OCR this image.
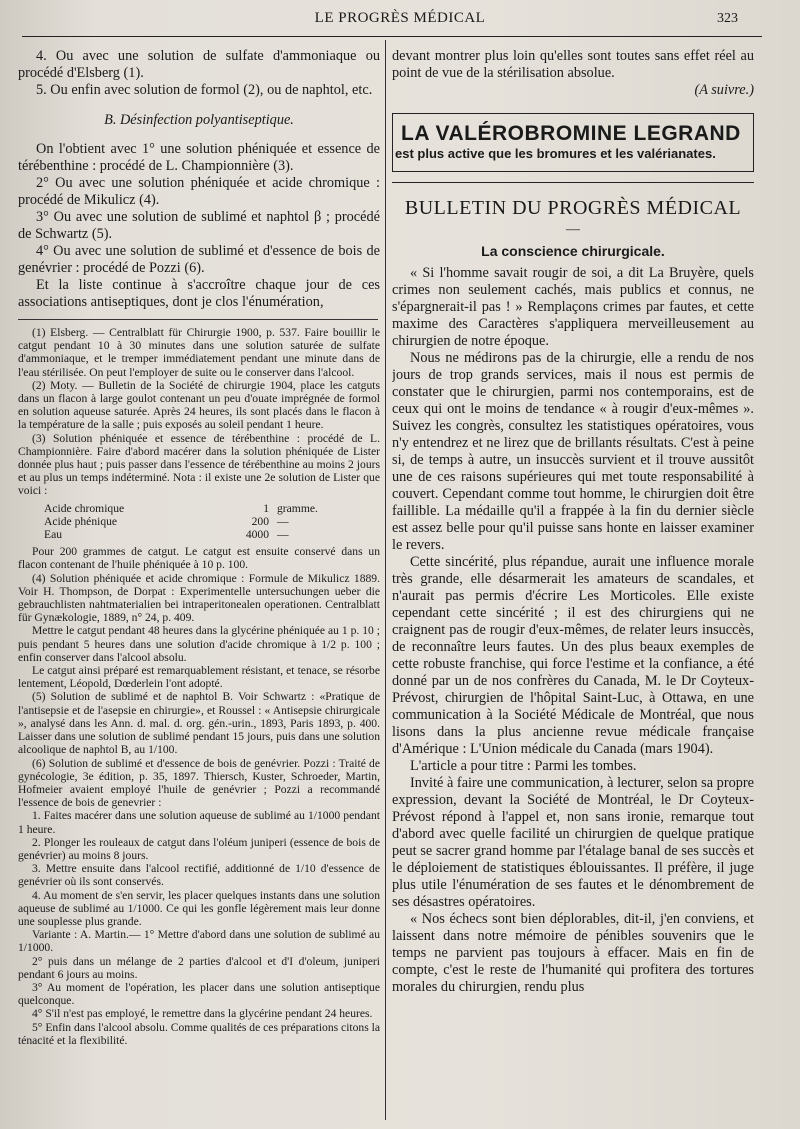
LE PROGRÈS MÉDICAL	323

4. Ou avec une solution de sulfate d'ammoniaque ou procédé d'Elsberg (1).

5. Ou enfin avec solution de formol (2), ou de naphtol, etc.

B. Désinfection polyantiseptique.

On l'obtient avec 1° une solution phéniquée et essence de térébenthine : procédé de L. Championnière (3).

2° Ou avec une solution phéniquée et acide chromique : procédé de Mikulicz (4).

3° Ou avec une solution de sublimé et naphtol β ; procédé de Schwartz (5).

4° Ou avec une solution de sublimé et d'essence de bois de genévrier : procédé de Pozzi (6).

Et la liste continue à s'accroître chaque jour de ces associations antiseptiques, dont je clos l'énumération,

(1) Elsberg. — Centralblatt für Chirurgie 1900, p. 537. Faire bouillir le catgut pendant 10 à 30 minutes dans une solution saturée de sulfate d'ammoniaque, et le tremper immédiatement pendant une minute dans de l'eau stérilisée. On peut l'employer de suite ou le conserver dans l'alcool.

(2) Moty. — Bulletin de la Société de chirurgie 1904, place les catguts dans un flacon à large goulot contenant un peu d'ouate imprégnée de formol en solution aqueuse saturée. Après 24 heures, ils sont placés dans le flacon à la température de la salle ; puis exposés au soleil pendant 1 heure.

(3) Solution phéniquée et essence de térébenthine : procédé de L. Championnière. Faire d'abord macérer dans la solution phéniquée de Lister donnée plus haut ; puis passer dans l'essence de térébenthine au moins 2 jours et au plus un temps indéterminé. Nota : il existe une 2e solution de Lister que voici :

Acide chromique	1 gramme.
Acide phénique	200 —
Eau	4000 —

Pour 200 grammes de catgut. Le catgut est ensuite conservé dans un flacon contenant de l'huile phéniquée à 10 p. 100.

(4) Solution phéniquée et acide chromique : Formule de Mikulicz 1889. Voir H. Thompson, de Dorpat : Experimentelle untersuchungen ueber die gebrauchlisten nahtmaterialien bei intraperitonealen operationen. Centralblatt für Gynækologie, 1889, n° 24, p. 409.

Mettre le catgut pendant 48 heures dans la glycérine phéniquée au 1 p. 10 ; puis pendant 5 heures dans une solution d'acide chromique à 1/2 p. 100 ; enfin conserver dans l'alcool absolu.

Le catgut ainsi préparé est remarquablement résistant, et tenace, se résorbe lentement, Léopold, Dœderlein l'ont adopté.

(5) Solution de sublimé et de naphtol B. Voir Schwartz : «Pratique de l'antisepsie et de l'asepsie en chirurgie», et Roussel : « Antisepsie chirurgicale », analysé dans les Ann. d. mal. d. org. gén.-urin., 1893, Paris 1893, p. 400. Laisser dans une solution de sublimé pendant 15 jours, puis dans une solution alcoolique de naphtol B, au 1/100.

(6) Solution de sublimé et d'essence de bois de genévrier. Pozzi : Traité de gynécologie, 3e édition, p. 35, 1897. Thiersch, Kuster, Schroeder, Martin, Hofmeier avaient employé l'huile de genévrier ; Pozzi a recommandé l'essence de bois de genevrier :

1. Faites macérer dans une solution aqueuse de sublimé au 1/1000 pendant 1 heure.

2. Plonger les rouleaux de catgut dans l'oléum juniperi (essence de bois de genévrier) au moins 8 jours.

3. Mettre ensuite dans l'alcool rectifié, additionné de 1/10 d'essence de genévrier où ils sont conservés.

4. Au moment de s'en servir, les placer quelques instants dans une solution aqueuse de sublimé au 1/1000. Ce qui les gonfle légèrement mais leur donne une souplesse plus grande.

Variante : A. Martin.— 1° Mettre d'abord dans une solution de sublimé au 1/1000.

2° puis dans un mélange de 2 parties d'alcool et d'I d'oleum, juniperi pendant 6 jours au moins.

3° Au moment de l'opération, les placer dans une solution antiseptique quelconque.

4° S'il n'est pas employé, le remettre dans la glycérine pendant 24 heures.

5° Enfin dans l'alcool absolu. Comme qualités de ces préparations citons la ténacité et la flexibilité.

devant montrer plus loin qu'elles sont toutes sans effet réel au point de vue de la stérilisation absolue.

(A suivre.)

LA VALÉROBROMINE LEGRAND
est plus active que les bromures et les valérianates.
BULLETIN DU PROGRÈS MÉDICAL
—
La conscience chirurgicale.

« Si l'homme savait rougir de soi, a dit La Bruyère, quels crimes non seulement cachés, mais publics et connus, ne s'épargnerait-il pas ! » Remplaçons crimes par fautes, et cette maxime des Caractères s'appliquera merveilleusement au chirurgien de notre époque.

Nous ne médirons pas de la chirurgie, elle a rendu de nos jours de trop grands services, mais il nous est permis de constater que le chirurgien, parmi nos contemporains, est de ceux qui ont le moins de tendance « à rougir d'eux-mêmes ». Suivez les congrès, consultez les statistiques opératoires, vous n'y entendrez et ne lirez que de brillants résultats. C'est à peine si, de temps à autre, un insuccès survient et il trouve aussitôt une de ces raisons supérieures qui met toute responsabilité à couvert. Cependant comme tout homme, le chirurgien doit être faillible. La médaille qu'il a frappée à la fin du dernier siècle est assez belle pour qu'il puisse sans honte en laisser examiner le revers.

Cette sincérité, plus répandue, aurait une influence morale très grande, elle désarmerait les amateurs de scandales, et n'aurait pas permis d'écrire Les Morticoles. Elle existe cependant cette sincérité ; il est des chirurgiens qui ne craignent pas de rougir d'eux-mêmes, de relater leurs insuccès, de reconnaître leurs fautes. Un des plus beaux exemples de cette robuste franchise, qui force l'estime et la confiance, a été donné par un de nos confrères du Canada, M. le Dr Coyteux-Prévost, chirurgien de l'hôpital Saint-Luc, à Ottawa, en une communication à la Société Médicale de Montréal, que nous lisons dans la plus ancienne revue médicale française d'Amérique : L'Union médicale du Canada (mars 1904).

L'article a pour titre : Parmi les tombes.

Invité à faire une communication, à lecturer, selon sa propre expression, devant la Société de Montréal, le Dr Coyteux-Prévost répond à l'appel et, non sans ironie, remarque tout d'abord avec quelle facilité un chirurgien de quelque pratique peut se sacrer grand homme par l'étalage banal de ses succès et le déploiement de statistiques éblouissantes. Il préfère, il juge plus utile l'énumération de ses fautes et le dénombrement de ses désastres opératoires.

« Nos échecs sont bien déplorables, dit-il, j'en conviens, et laissent dans notre mémoire de pénibles souvenirs que le temps ne parvient pas toujours à effacer. Mais en fin de compte, c'est le reste de l'humanité qui profitera des tortures morales du chirurgien, rendu plus
